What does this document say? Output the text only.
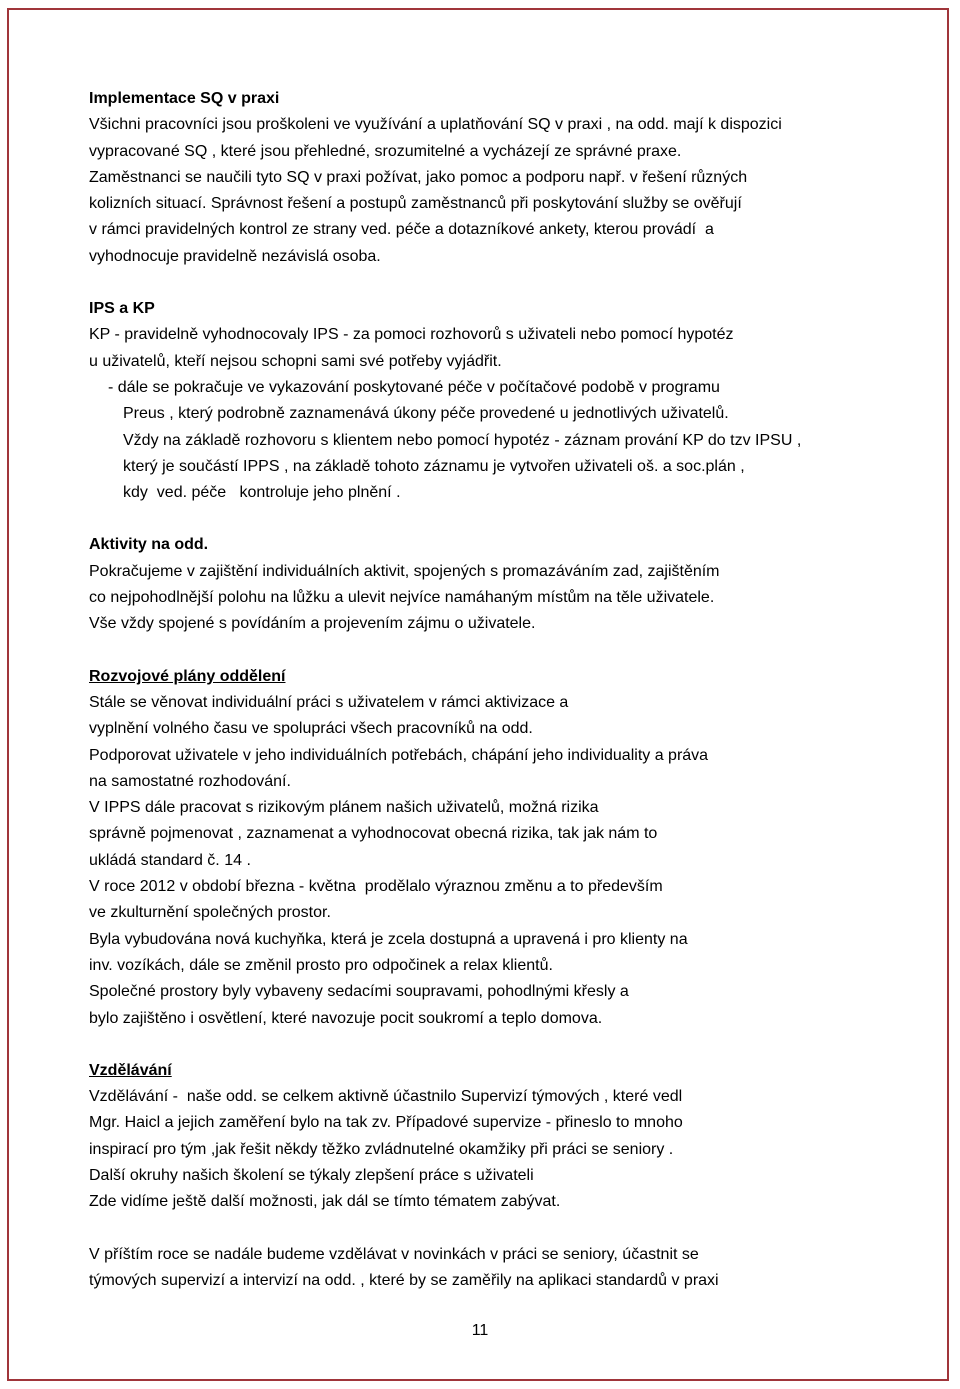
Implementace SQ v praxi
Všichni pracovníci jsou proškoleni ve využívání a uplatňování SQ v praxi , na odd. mají k dispozici
vypracované SQ , které jsou přehledné, srozumitelné a vycházejí ze správné praxe.
Zaměstnanci se naučili tyto SQ v praxi požívat, jako pomoc a podporu např. v řešení různých
kolizních situací. Správnost řešení a postupů zaměstnanců při poskytování služby se ověřují
v rámci pravidelných kontrol ze strany ved. péče a dotazníkové ankety, kterou provádí  a
vyhodnocuje pravidelně nezávislá osoba.
IPS a KP
KP - pravidelně vyhodnocovaly IPS - za pomoci rozhovorů s uživateli nebo pomocí hypotéz
u uživatelů, kteří nejsou schopni sami své potřeby vyjádřit.
- dále se pokračuje ve vykazování poskytované péče v počítačové podobě v programu
Preus , který podrobně zaznamenává úkony péče provedené u jednotlivých uživatelů.
Vždy na základě rozhovoru s klientem nebo pomocí hypotéz - záznam prování KP do tzv IPSU ,
který je součástí IPPS , na základě tohoto záznamu je vytvořen uživateli oš. a soc.plán ,
kdy  ved. péče   kontroluje jeho plnění .
Aktivity na odd.
Pokračujeme v zajištění individuálních aktivit, spojených s promazáváním zad, zajištěním
co nejpohodlnější polohu na lůžku a ulevit nejvíce namáhaným místům na těle uživatele.
Vše vždy spojené s povídáním a projevením zájmu o uživatele.
Rozvojové plány oddělení
Stále se věnovat individuální práci s uživatelem v rámci aktivizace a
vyplnění volného času ve spolupráci všech pracovníků na odd.
Podporovat uživatele v jeho individuálních potřebách, chápání jeho individuality a práva
na samostatné rozhodování.
V IPPS dále pracovat s rizikovým plánem našich uživatelů, možná rizika
správně pojmenovat , zaznamenat a vyhodnocovat obecná rizika, tak jak nám to
ukládá standard č. 14 .
V roce 2012 v období března - května  prodělalo výraznou změnu a to především
ve zkulturnění společných prostor.
Byla vybudována nová kuchyňka, která je zcela dostupná a upravená i pro klienty na
inv. vozíkách, dále se změnil prosto pro odpočinek a relax klientů.
Společné prostory byly vybaveny sedacími soupravami, pohodlnými křesly a
bylo zajištěno i osvětlení, které navozuje pocit soukromí a teplo domova.
Vzdělávání
Vzdělávání -  naše odd. se celkem aktivně účastnilo Supervizí týmových , které vedl
Mgr. Haicl a jejich zaměření bylo na tak zv. Případové supervize - přineslo to mnoho
inspirací pro tým ,jak řešit někdy těžko zvládnutelné okamžiky při práci se seniory .
Další okruhy našich školení se týkaly zlepšení práce s uživateli
Zde vidíme ještě další možnosti, jak dál se tímto tématem zabývat.
V příštím roce se nadále budeme vzdělávat v novinkách v práci se seniory, účastnit se
týmových supervizí a intervizí na odd. , které by se zaměřily na aplikaci standardů v praxi
11
